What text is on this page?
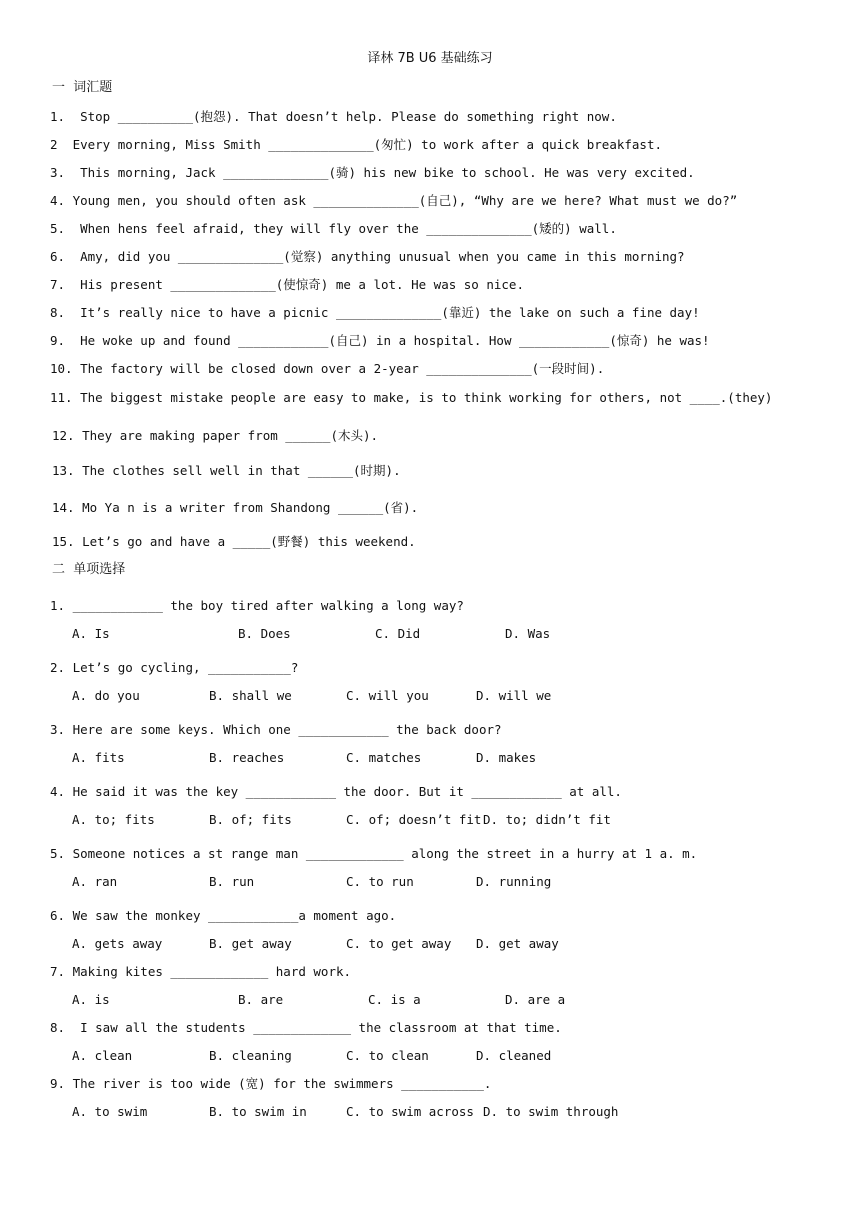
译林 7B U6 基础练习
一  词汇题
1.  Stop __________(抱怨). That doesn’t help. Please do something right now.
2  Every morning, Miss Smith ______________(匆忙) to work after a quick breakfast.
3.  This morning, Jack ______________(骑) his new bike to school. He was very excited.
4. Young men, you should often ask ______________(自己), “Why are we here? What must we do?”
5.  When hens feel afraid, they will fly over the ______________(矮的) wall.
6.  Amy, did you ______________(觉察) anything unusual when you came in this morning?
7.  His present ______________(使惊奇) me a lot. He was so nice.
8.  It’s really nice to have a picnic ______________(靠近) the lake on such a fine day!
9.  He woke up and found ____________(自己) in a hospital. How ____________(惊奇) he was!
10. The factory will be closed down over a 2-year ______________(一段时间).
11. The biggest mistake people are easy to make, is to think working for others, not ____.(they)
12. They are making paper from ______(木头).
13. The clothes sell well in that ______(时期).
14. Mo Ya n is a writer from Shandong ______(省).
15. Let’s go and have a _____(野餐) this weekend.
二  单项选择
1. ____________ the boy tired after walking a long way?
A. Is	B. Does	C. Did	D. Was
2. Let’s go cycling, ___________?
A. do you	B. shall we	C. will you	D. will we
3. Here are some keys. Which one ____________ the back door?
A. fits	B. reaches	C. matches	D. makes
4. He said it was the key ____________ the door. But it ____________ at all.
A. to; fits	B. of; fits	C. of; doesn’t fit D. to; didn’t fit
5. Someone notices a st range man _____________ along the street in a hurry at 1 a. m.
A. ran	B. run	C. to run	D. running
6. We saw the monkey ____________a moment ago.
A. gets away	B. get away	C. to get away D. get away
7. Making kites _____________ hard work.
A. is	B. are	C. is a	D. are a
8.  I saw all the students _____________ the classroom at that time.
A. clean	B. cleaning	C. to clean	D. cleaned
9. The river is too wide (宽) for the swimmers ___________.
A. to swim	B. to swim in	C. to swim across D. to swim through
